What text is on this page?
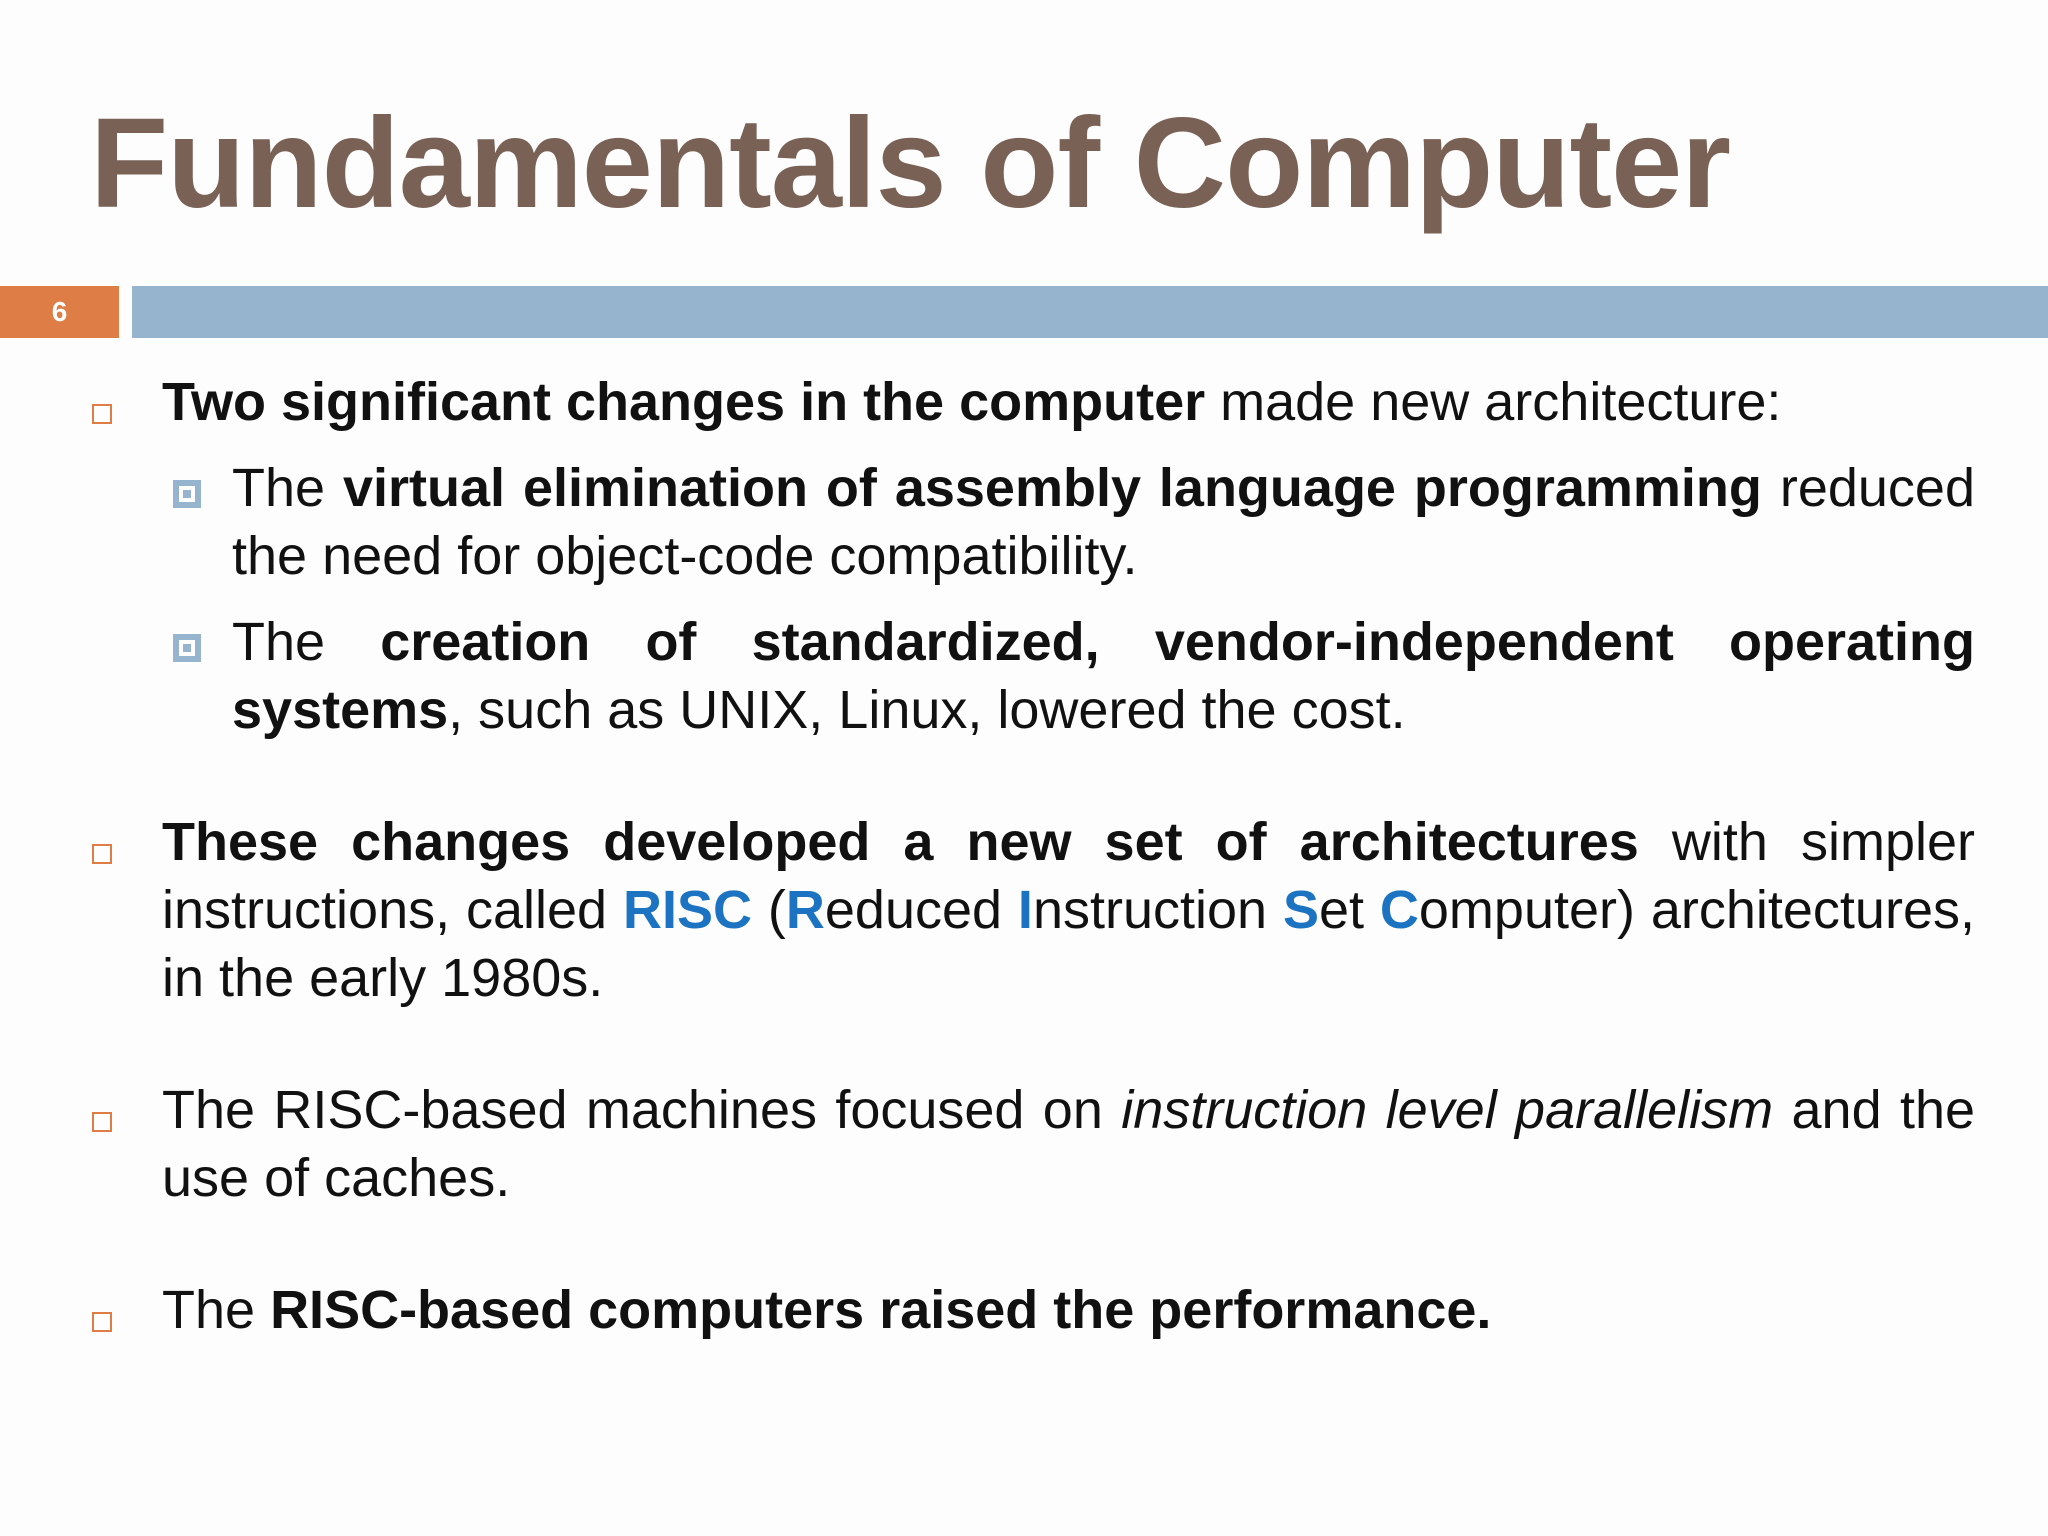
Fundamentals of Computer
6
Two significant changes in the computer made new architecture:
The virtual elimination of assembly language programming reduced the need for object-code compatibility.
The creation of standardized, vendor-independent operating systems, such as UNIX, Linux, lowered the cost.
These changes developed a new set of architectures with simpler instructions, called RISC (Reduced Instruction Set Computer) architectures, in the early 1980s.
The RISC-based machines focused on instruction level parallelism and the use of caches.
The RISC-based computers raised the performance.
